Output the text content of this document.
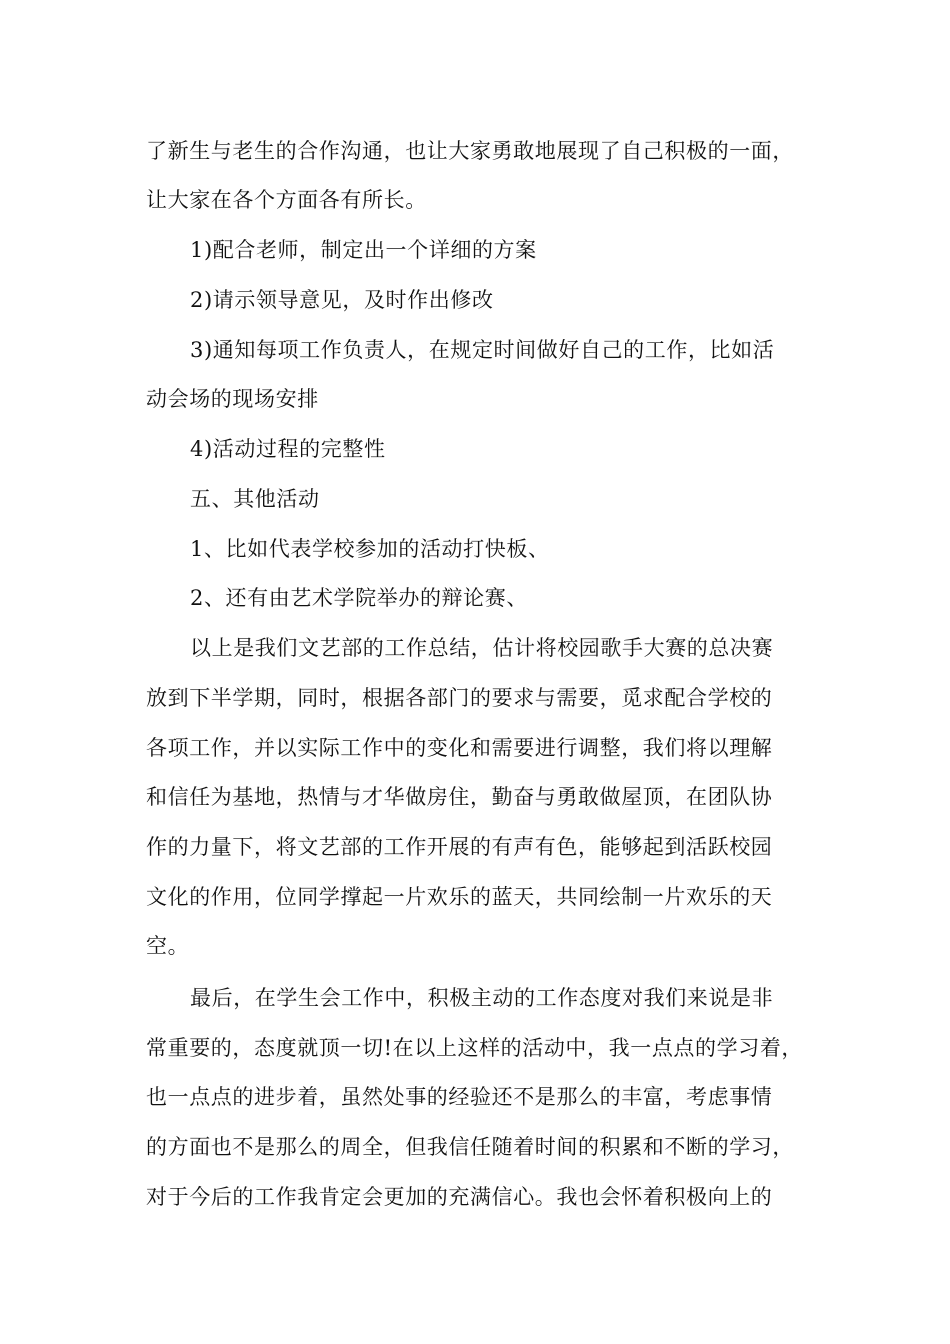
了新生与老生的合作沟通，也让大家勇敢地展现了自己积极的一面，
让大家在各个方面各有所长。
1)配合老师，制定出一个详细的方案
2)请示领导意见，及时作出修改
3)通知每项工作负责人，在规定时间做好自己的工作，比如活
动会场的现场安排
4)活动过程的完整性
五、其他活动
1、比如代表学校参加的活动打快板、
2、还有由艺术学院举办的辩论赛、
以上是我们文艺部的工作总结，估计将校园歌手大赛的总决赛
放到下半学期，同时，根据各部门的要求与需要，觅求配合学校的
各项工作，并以实际工作中的变化和需要进行调整，我们将以理解
和信任为基地，热情与才华做房住，勤奋与勇敢做屋顶，在团队协
作的力量下，将文艺部的工作开展的有声有色，能够起到活跃校园
文化的作用，位同学撑起一片欢乐的蓝天，共同绘制一片欢乐的天
空。
最后，在学生会工作中，积极主动的工作态度对我们来说是非
常重要的，态度就顶一切!在以上这样的活动中，我一点点的学习着，
也一点点的进步着，虽然处事的经验还不是那么的丰富，考虑事情
的方面也不是那么的周全，但我信任随着时间的积累和不断的学习，
对于今后的工作我肯定会更加的充满信心。我也会怀着积极向上的
